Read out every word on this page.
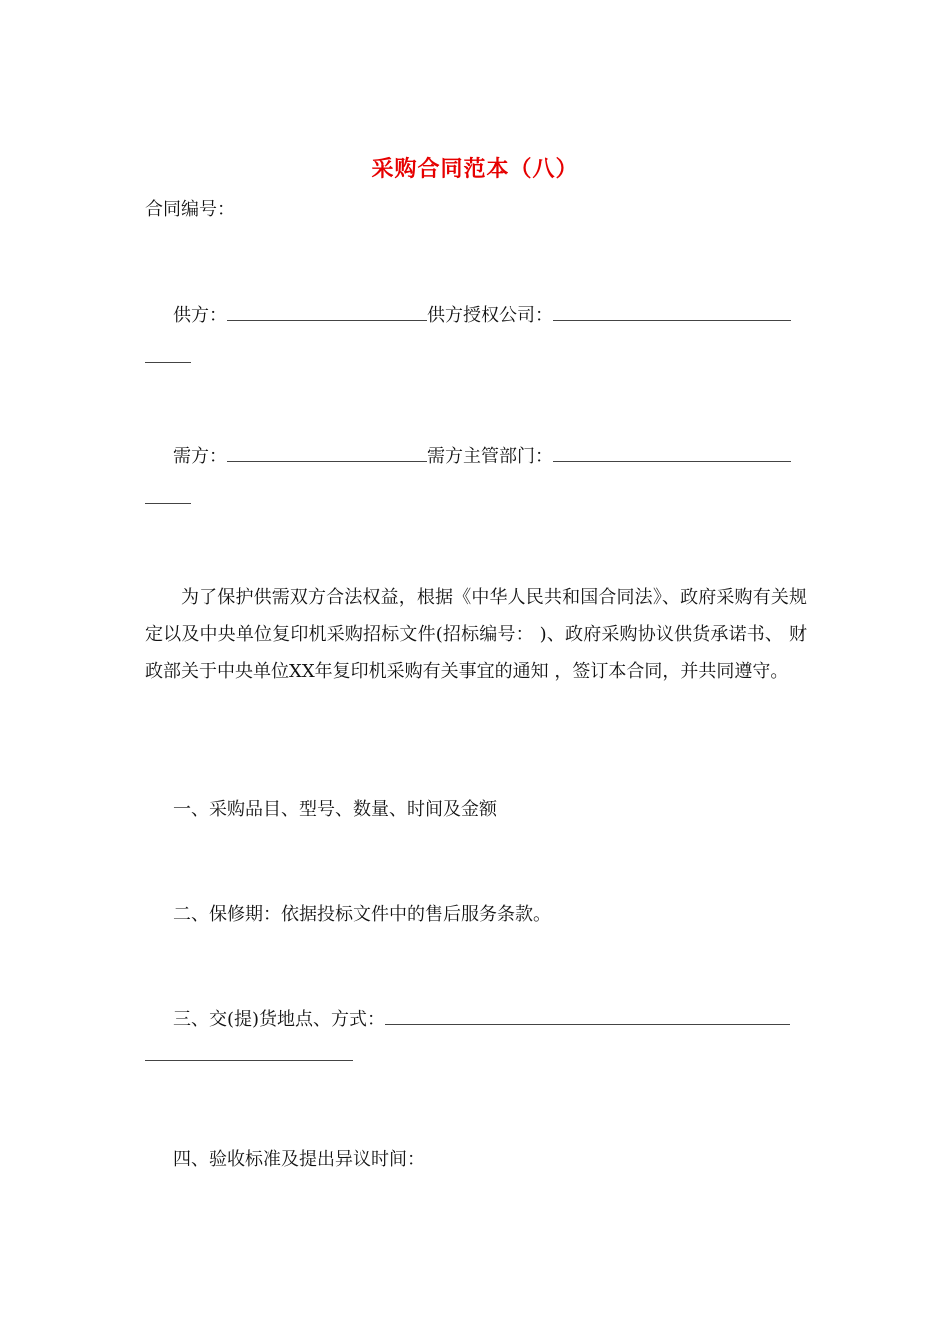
采购合同范本（八）
合同编号：
供方：	供方授权公司：
需方：	需方主管部门：
为了保护供需双方合法权益，根据《中华人民共和国合同法》、政府采购有关规定以及中央单位复印机采购招标文件(招标编号： )、政府采购协议供货承诺书、 财政部关于中央单位XX年复印机采购有关事宜的通知 ，签订本合同，并共同遵守。
一、采购品目、型号、数量、时间及金额
二、保修期：依据投标文件中的售后服务条款。
三、交(提)货地点、方式：
四、验收标准及提出异议时间：
